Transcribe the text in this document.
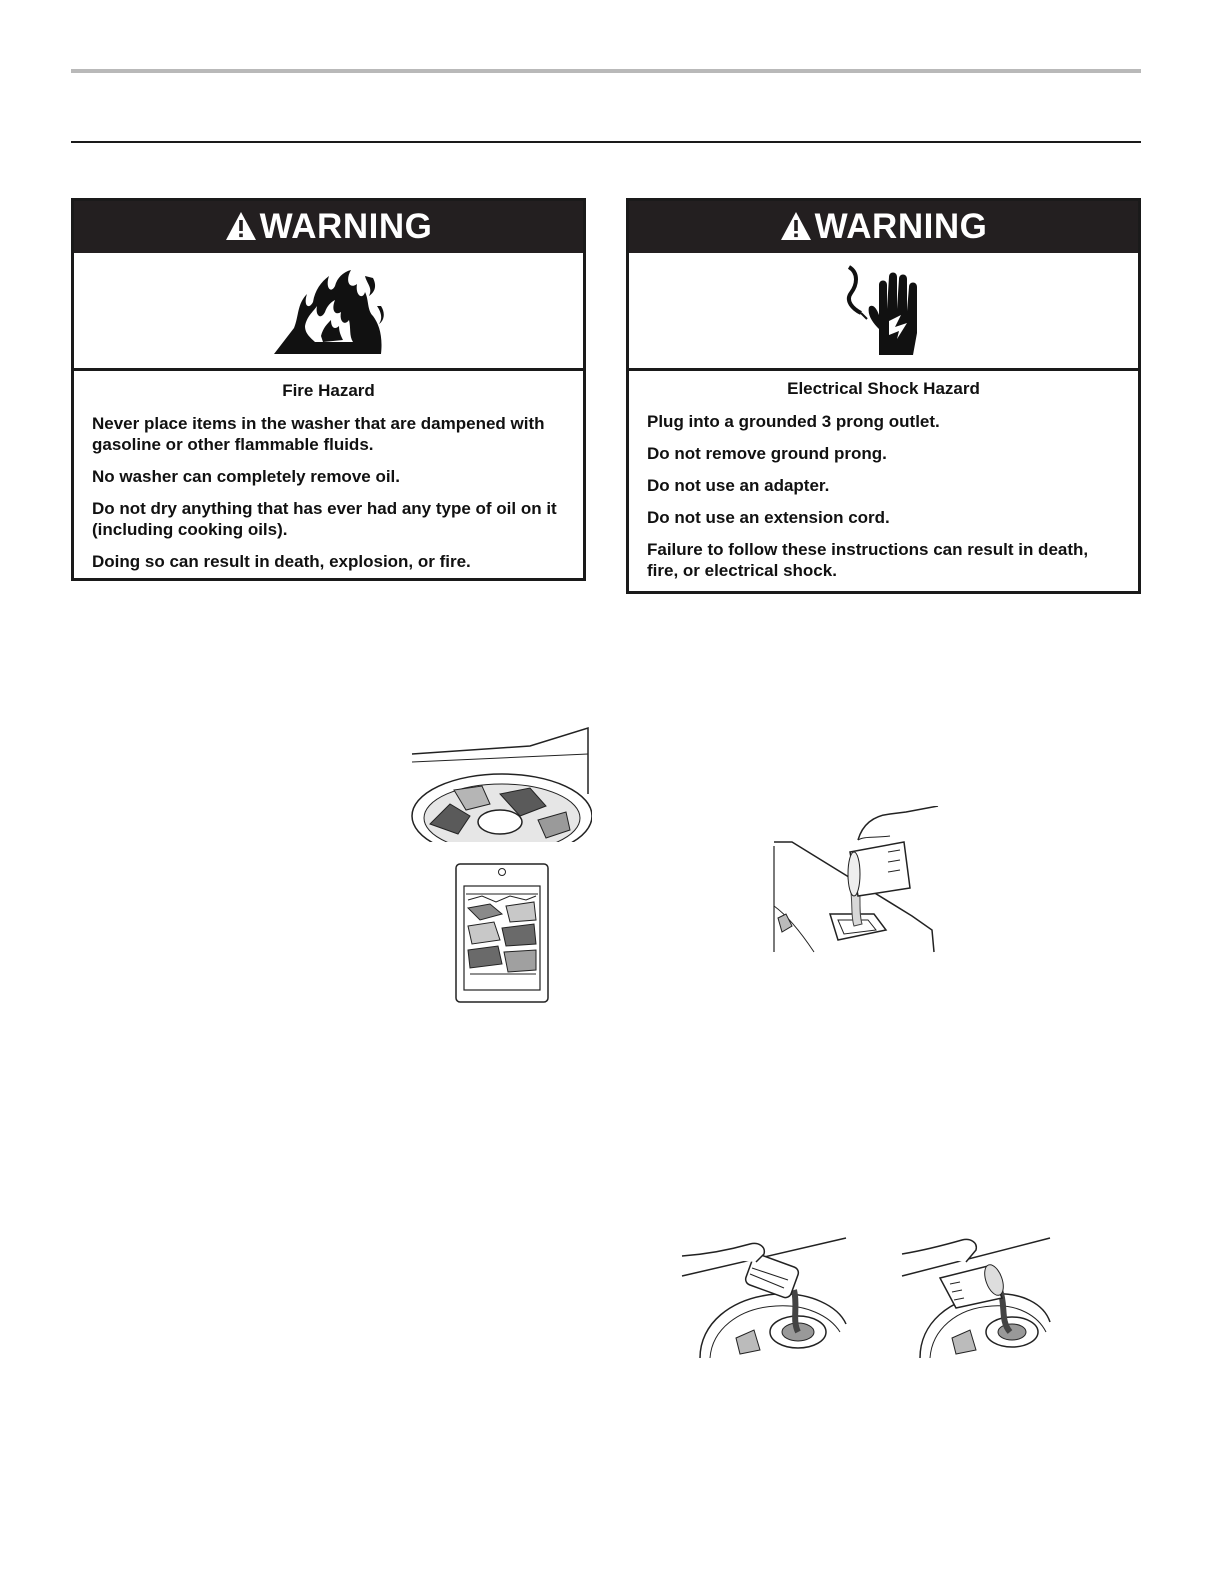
WARNING
Fire Hazard
Never place items in the washer that are dampened with gasoline or other flammable fluids.
No washer can completely remove oil.
Do not dry anything that has ever had any type of oil on it (including cooking oils).
Doing so can result in death, explosion, or fire.
WARNING
Electrical Shock Hazard
Plug into a grounded 3 prong outlet.
Do not remove ground prong.
Do not use an adapter.
Do not use an extension cord.
Failure to follow these instructions can result in death, fire, or electrical shock.
